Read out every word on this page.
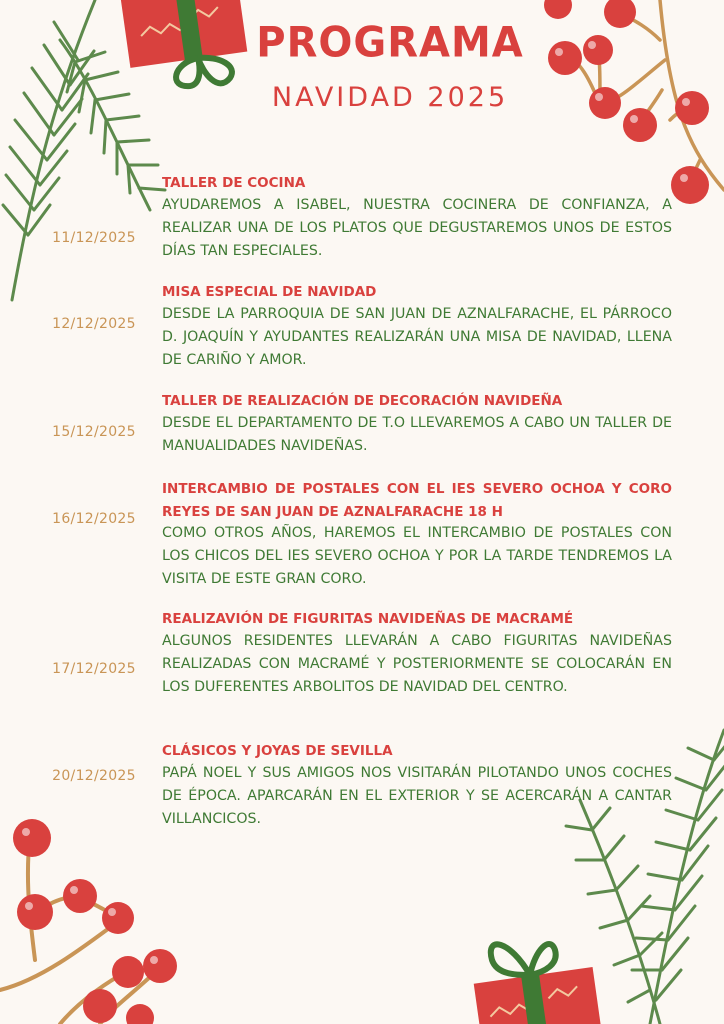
PROGRAMA
NAVIDAD 2025
11/12/2025
TALLER DE COCINA
AYUDAREMOS A ISABEL, NUESTRA COCINERA DE CONFIANZA, A REALIZAR UNA DE LOS PLATOS QUE DEGUSTAREMOS UNOS DE ESTOS DÍAS TAN ESPECIALES.
12/12/2025
MISA ESPECIAL DE NAVIDAD
DESDE LA PARROQUIA DE SAN JUAN DE AZNALFARACHE, EL PÁRROCO D. JOAQUÍN Y AYUDANTES REALIZARÁN UNA MISA DE NAVIDAD, LLENA DE CARIÑO Y AMOR.
15/12/2025
TALLER DE REALIZACIÓN DE DECORACIÓN NAVIDEÑA
DESDE EL DEPARTAMENTO DE T.O LLEVAREMOS A CABO UN TALLER DE MANUALIDADES NAVIDEÑAS.
16/12/2025
INTERCAMBIO DE POSTALES CON EL IES SEVERO OCHOA Y CORO REYES DE SAN JUAN DE AZNALFARACHE 18 H
COMO OTROS AÑOS, HAREMOS EL INTERCAMBIO DE POSTALES CON LOS CHICOS DEL IES SEVERO OCHOA Y POR LA TARDE TENDREMOS LA VISITA DE ESTE GRAN CORO.
17/12/2025
REALIZAVIÓN DE FIGURITAS NAVIDEÑAS DE MACRAMÉ
ALGUNOS RESIDENTES LLEVARÁN A CABO FIGURITAS NAVIDEÑAS REALIZADAS CON MACRAMÉ Y POSTERIORMENTE SE COLOCARÁN EN LOS DUFERENTES ARBOLITOS DE NAVIDAD DEL CENTRO.
20/12/2025
CLÁSICOS Y JOYAS DE SEVILLA
PAPÁ NOEL Y SUS AMIGOS NOS VISITARÁN PILOTANDO UNOS COCHES DE ÉPOCA. APARCARÁN EN EL EXTERIOR Y SE ACERCARÁN A CANTAR VILLANCICOS.
